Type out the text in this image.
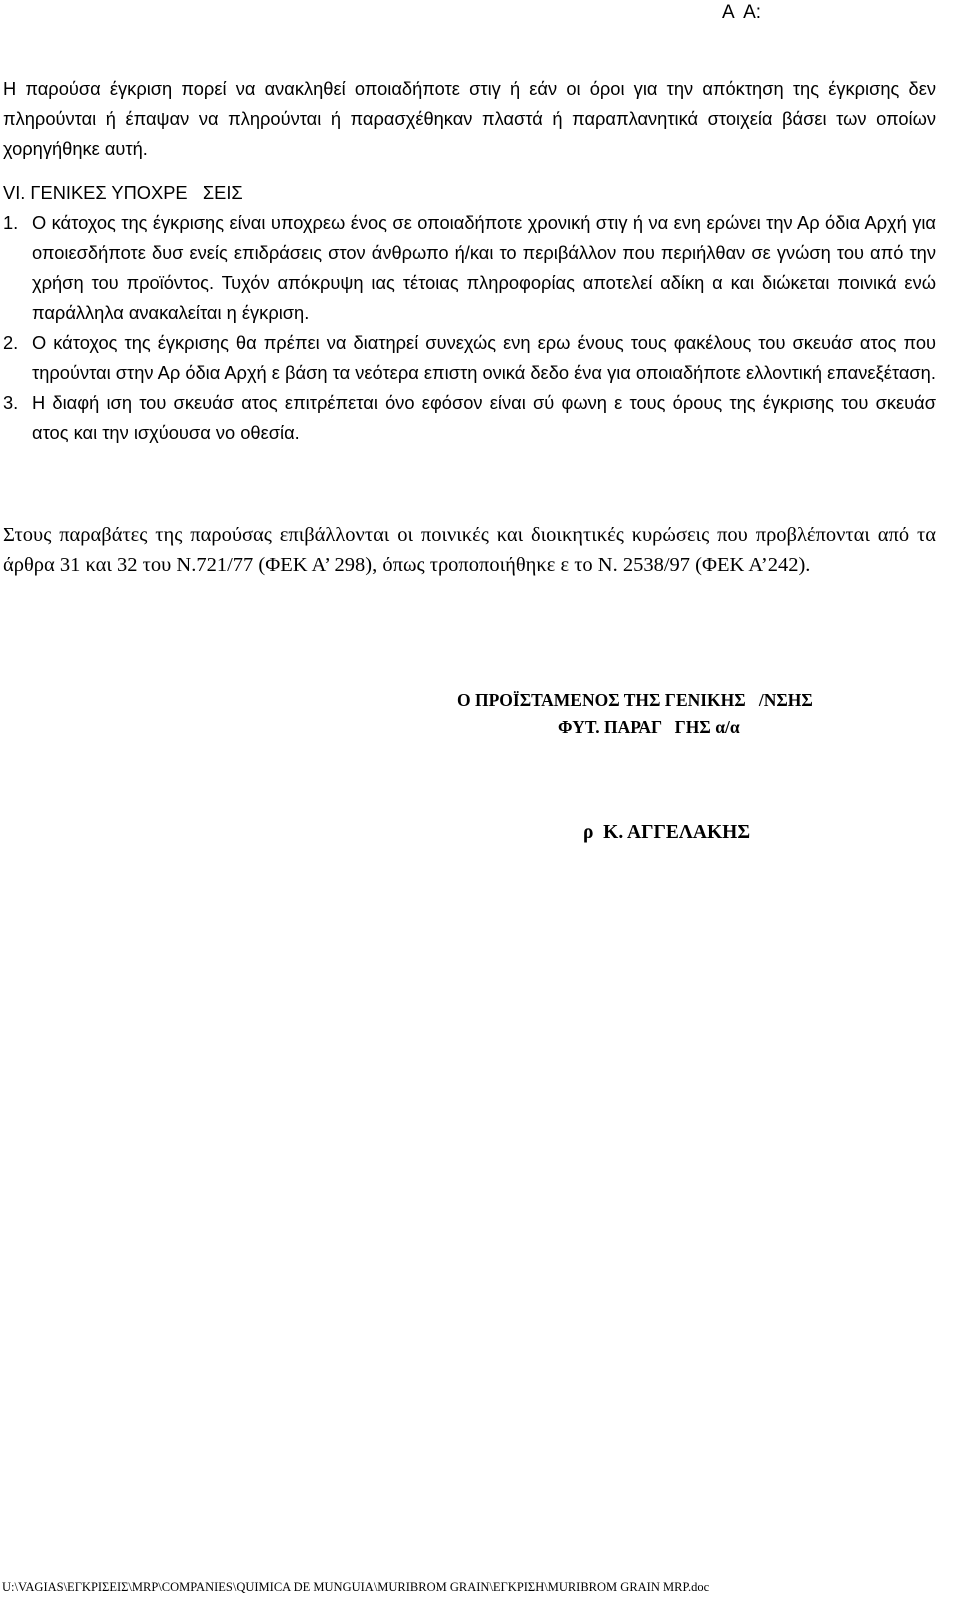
Α  Α:

Η παρούσα έγκριση πορεί να ανακληθεί οποιαδήποτε στιγ ή εάν οι όροι για την απόκτηση της έγκρισης δεν πληρούνται ή έπαψαν να πληρούνται ή παρασχέθηκαν πλαστά ή παραπλανητικά στοιχεία βάσει των οποίων χορηγήθηκε αυτή.

VI. ΓΕΝΙΚΕΣ ΥΠΟΧΡΕ   ΣΕΙΣ
1. Ο κάτοχος της έγκρισης είναι υποχρεω ένος σε οποιαδήποτε χρονική στιγ ή να ενη ερώνει την Αρ όδια Αρχή για οποιεσδήποτε δυσ ενείς επιδράσεις στον άνθρωπο ή/και το περιβάλλον που περιήλθαν σε γνώση του από την χρήση του προϊόντος. Τυχόν απόκρυψη ιας τέτοιας πληροφορίας αποτελεί αδίκη α και διώκεται ποινικά ενώ παράλληλα ανακαλείται η έγκριση.
2. Ο κάτοχος της έγκρισης θα πρέπει να διατηρεί συνεχώς ενη ερω ένους τους φακέλους του σκευάσ ατος που τηρούνται στην Αρ όδια Αρχή ε βάση τα νεότερα επιστη ονικά δεδο ένα για οποιαδήποτε ελλοντική επανεξέταση.
3. Η διαφή ιση του σκευάσ ατος επιτρέπεται όνο εφόσον είναι σύ φωνη ε τους όρους της έγκρισης του σκευάσ ατος και την ισχύουσα νο οθεσία.

Στους παραβάτες της παρούσας επιβάλλονται οι ποινικές και διοικητικές κυρώσεις που προβλέπονται από τα άρθρα 31 και 32 του Ν.721/77 (ΦΕΚ Α’ 298), όπως τροποποιήθηκε ε το Ν. 2538/97 (ΦΕΚ Α’242).

Ο ΠΡΟΪΣΤΑΜΕΝΟΣ ΤΗΣ ΓΕΝΙΚΗΣ   /ΝΣΗΣ
ΦΥΤ. ΠΑΡΑΓ   ΓΗΣ α/α
ρ  Κ. ΑΓΓΕΛΑΚΗΣ
U:\VAGIAS\ΕΓΚΡΙΣΕΙΣ\MRP\COMPANIES\QUIMICA DE MUNGUIA\MURIBROM GRAIN\ΕΓΚΡΙΣΗ\MURIBROM GRAIN MRP.doc
